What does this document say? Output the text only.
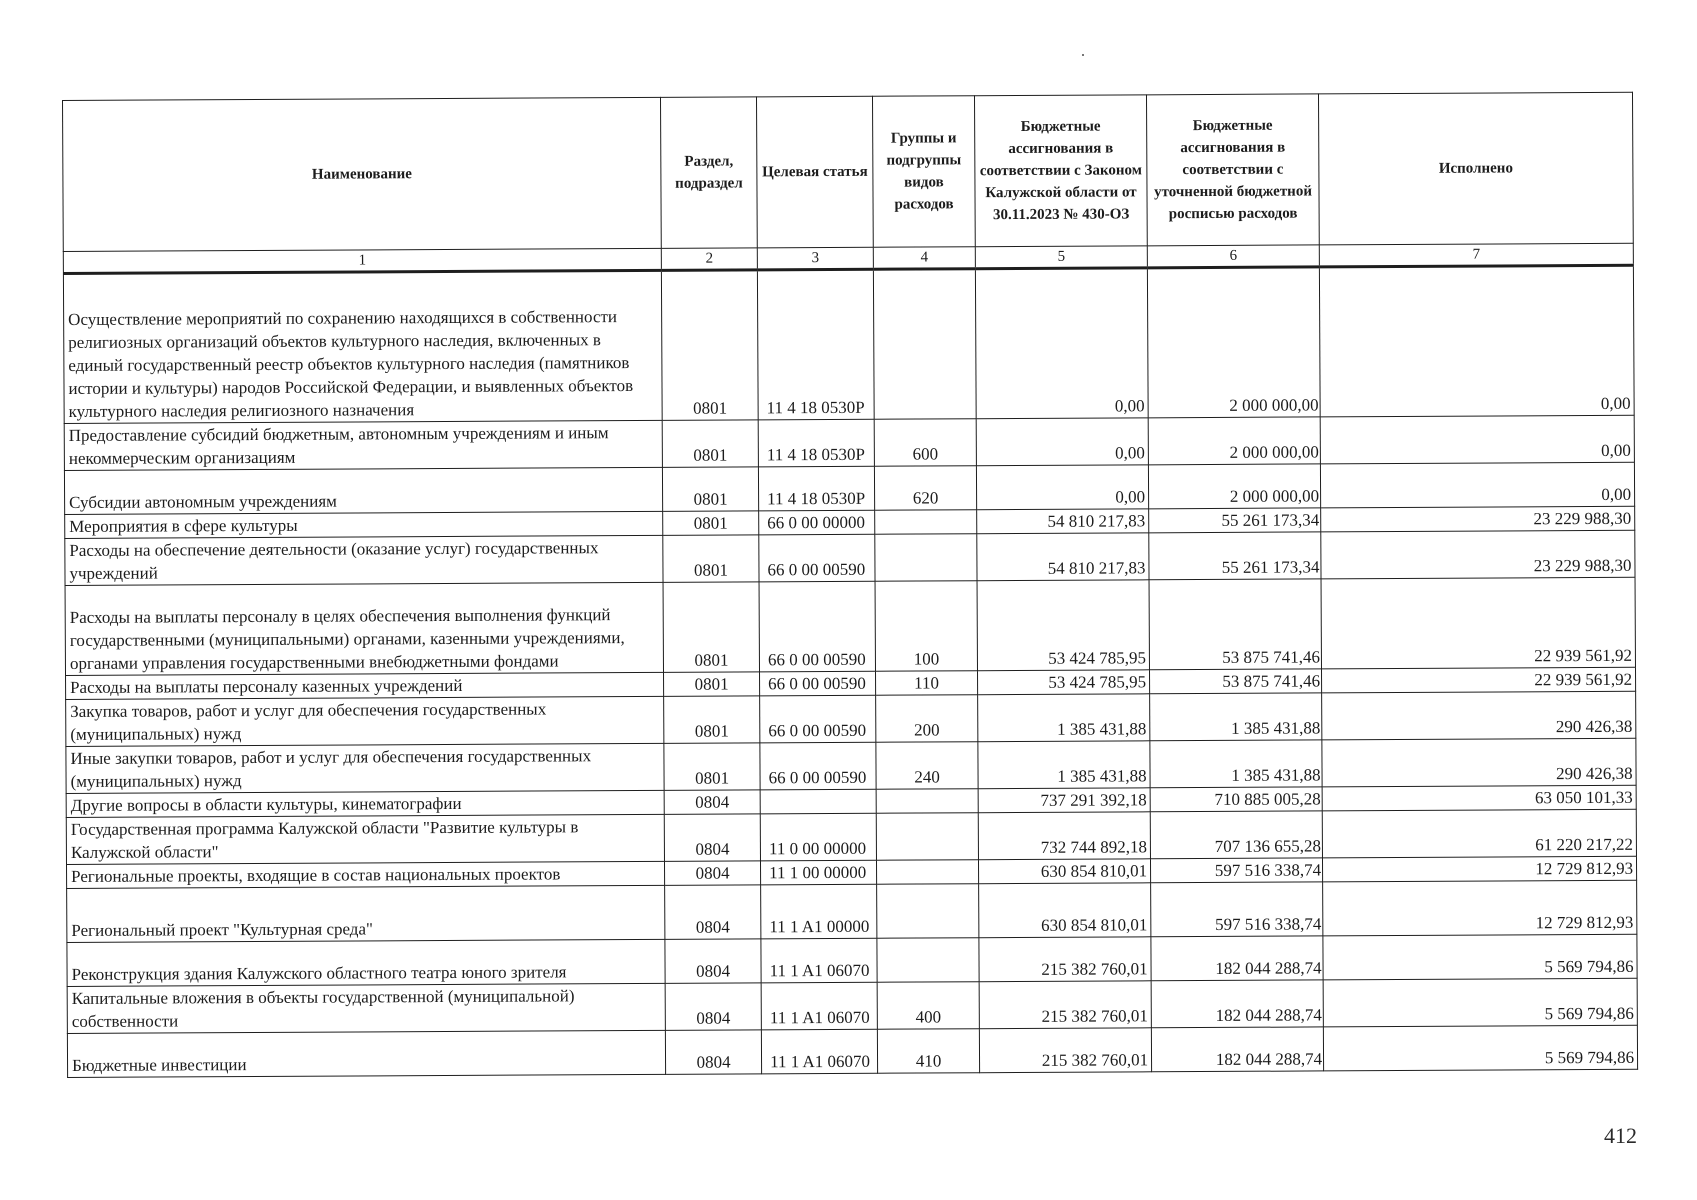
Наименование	Раздел, подраздел	Целевая статья	Группы и подгруппы видов расходов	Бюджетные ассигнования в соответствии с Законом Калужской области от 30.11.2023 № 430-ОЗ	Бюджетные ассигнования в соответствии с уточненной бюджетной росписью расходов	Исполнено
1	2	3	4	5	6	7
Осуществление мероприятий по сохранению находящихся в собственности религиозных организаций объектов культурного наследия, включенных в единый государственный реестр объектов культурного наследия (памятников истории и культуры) народов Российской Федерации, и выявленных объектов культурного наследия религиозного назначения	0801	11 4 18 0530P		0,00	2 000 000,00	0,00
Предоставление субсидий бюджетным, автономным учреждениям и иным некоммерческим организациям	0801	11 4 18 0530P	600	0,00	2 000 000,00	0,00
Субсидии автономным учреждениям	0801	11 4 18 0530P	620	0,00	2 000 000,00	0,00
Мероприятия в сфере культуры	0801	66 0 00 00000		54 810 217,83	55 261 173,34	23 229 988,30
Расходы на обеспечение деятельности (оказание услуг) государственных учреждений	0801	66 0 00 00590		54 810 217,83	55 261 173,34	23 229 988,30
Расходы на выплаты персоналу в целях обеспечения выполнения функций государственными (муниципальными) органами, казенными учреждениями, органами управления государственными внебюджетными фондами	0801	66 0 00 00590	100	53 424 785,95	53 875 741,46	22 939 561,92
Расходы на выплаты персоналу казенных учреждений	0801	66 0 00 00590	110	53 424 785,95	53 875 741,46	22 939 561,92
Закупка товаров, работ и услуг для обеспечения государственных (муниципальных) нужд	0801	66 0 00 00590	200	1 385 431,88	1 385 431,88	290 426,38
Иные закупки товаров, работ и услуг для обеспечения государственных (муниципальных) нужд	0801	66 0 00 00590	240	1 385 431,88	1 385 431,88	290 426,38
Другие вопросы в области культуры, кинематографии	0804			737 291 392,18	710 885 005,28	63 050 101,33
Государственная программа Калужской области "Развитие культуры в Калужской области"	0804	11 0 00 00000		732 744 892,18	707 136 655,28	61 220 217,22
Региональные проекты, входящие в состав национальных проектов	0804	11 1 00 00000		630 854 810,01	597 516 338,74	12 729 812,93
Региональный проект "Культурная среда"	0804	11 1 A1 00000		630 854 810,01	597 516 338,74	12 729 812,93
Реконструкция здания Калужского областного театра юного зрителя	0804	11 1 A1 06070		215 382 760,01	182 044 288,74	5 569 794,86
Капитальные вложения в объекты государственной (муниципальной) собственности	0804	11 1 A1 06070	400	215 382 760,01	182 044 288,74	5 569 794,86
Бюджетные инвестиции	0804	11 1 A1 06070	410	215 382 760,01	182 044 288,74	5 569 794,86
412
